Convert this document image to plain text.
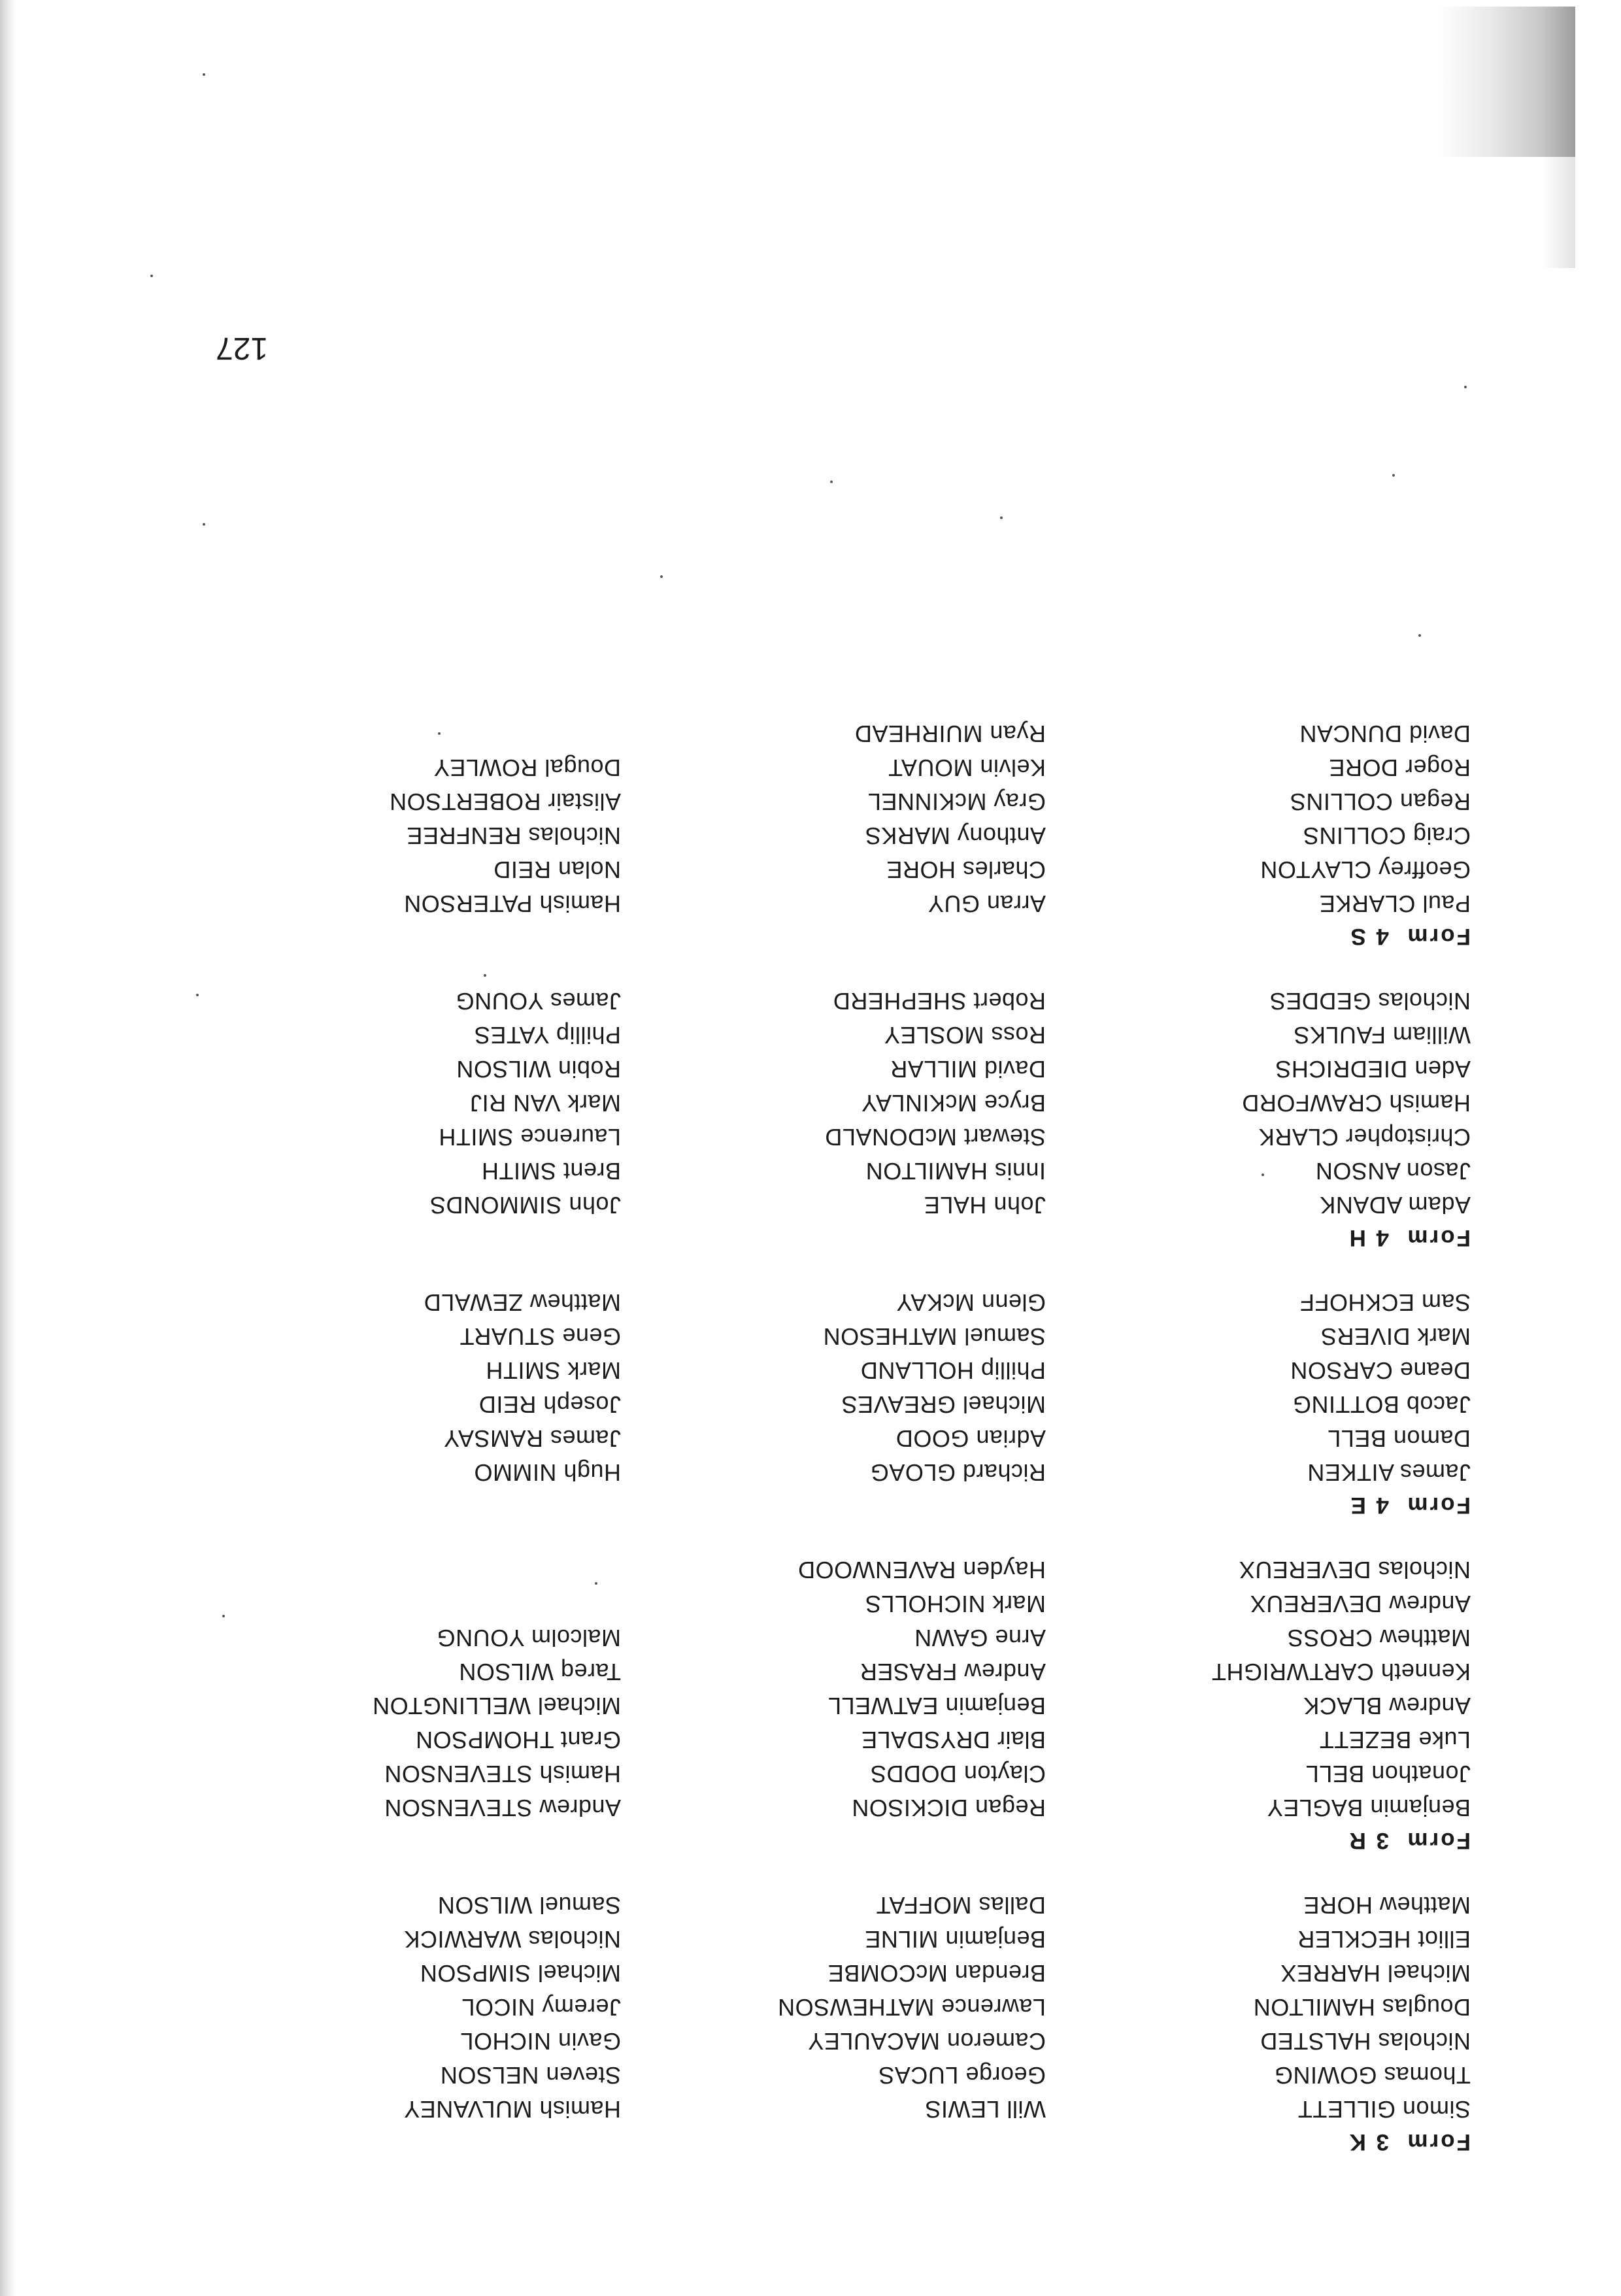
127
Form  3 K
Simon GILLETT
Thomas GOWING
Nicholas HALSTED
Douglas HAMILTON
Michael HARREX
Elliot HECKLER
Matthew HORE
Will LEWIS
George LUCAS
Cameron MACAULEY
Lawrence MATHEWSON
Brendan McCOMBE
Benjamin MILNE
Dallas MOFFAT
Hamish MULVANEY
Steven NELSON
Gavin NICHOL
Jeremy NICOL
Michael SIMPSON
Nicholas WARWICK
Samuel WILSON
Form  3 R
Benjamin BAGLEY
Jonathon BELL
Luke BEZETT
Andrew BLACK
Kenneth CARTWRIGHT
Matthew CROSS
Andrew DEVEREUX
Nicholas DEVEREUX
Regan DICKISON
Clayton DODDS
Blair DRYSDALE
Benjamin EATWELL
Andrew FRASER
Arne GAWN
Mark NICHOLLS
Hayden RAVENWOOD
Andrew STEVENSON
Hamish STEVENSON
Grant THOMPSON
Michael WELLINGTON
Tareq WILSON
Malcolm YOUNG
Form  4 E
James AITKEN
Damon BELL
Jacob BOTTING
Deane CARSON
Mark DIVERS
Sam ECKHOFF
Richard GLOAG
Adrian GOOD
Michael GREAVES
Phillip HOLLAND
Samuel MATHESON
Glenn McKAY
Hugh NIMMO
James RAMSAY
Joseph REID
Mark SMITH
Gene STUART
Matthew ZEWALD
Form  4 H
Adam ADANK
Jason ANSON
Christopher CLARK
Hamish CRAWFORD
Aden DIEDRICHS
William FAULKS
Nicholas GEDDES
John HALE
Innis HAMILTON
Stewart McDONALD
Bryce McKINLAY
David MILLAR
Ross MOSLEY
Robert SHEPHERD
John SIMMONDS
Brent SMITH
Laurence SMITH
Mark VAN RIJ
Robin WILSON
Phillip YATES
James YOUNG
Form  4 S
Paul CLARKE
Geoffrey CLAYTON
Craig COLLINS
Regan COLLINS
Roger DORE
David DUNCAN
Arran GUY
Charles HORE
Anthony MARKS
Gray McKINNEL
Kelvin MOUAT
Ryan MUIRHEAD
Hamish PATERSON
Nolan REID
Nicholas RENFREE
Alistair ROBERTSON
Dougal ROWLEY
